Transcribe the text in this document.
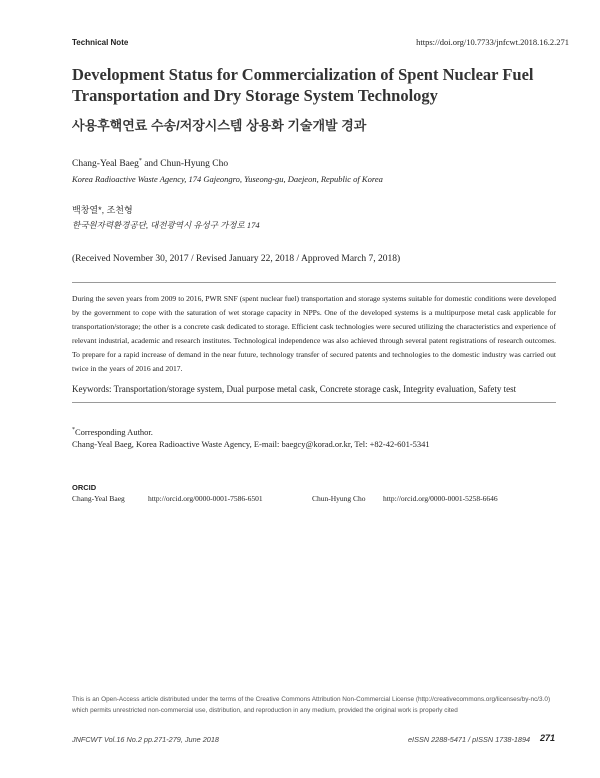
Technical Note	https://doi.org/10.7733/jnfcwt.2018.16.2.271
Development Status for Commercialization of Spent Nuclear Fuel Transportation and Dry Storage System Technology
사용후핵연료 수송/저장시스템 상용화 기술개발 경과
Chang-Yeal Baeg* and Chun-Hyung Cho
Korea Radioactive Waste Agency, 174 Gajeongro, Yuseong-gu, Daejeon, Republic of Korea
백창열*, 조천형
한국원자력환경공단, 대전광역시 유성구 가정로 174
(Received November 30, 2017 / Revised January 22, 2018 / Approved March 7, 2018)
During the seven years from 2009 to 2016, PWR SNF (spent nuclear fuel) transportation and storage systems suitable for domestic conditions were developed by the government to cope with the saturation of wet storage capacity in NPPs. One of the developed systems is a multipurpose metal cask applicable for transportation/storage; the other is a concrete cask dedicated to storage. Efficient cask technologies were secured utilizing the characteristics and experience of relevant industrial, academic and research institutes. Technological independence was also achieved through several patent registrations of research outcomes. To prepare for a rapid increase of demand in the near future, technology transfer of secured patents and technologies to the domestic industry was carried out twice in the years of 2016 and 2017.
Keywords: Transportation/storage system, Dual purpose metal cask, Concrete storage cask, Integrity evaluation, Safety test
*Corresponding Author.
Chang-Yeal Baeg, Korea Radioactive Waste Agency, E-mail: baegcy@korad.or.kr, Tel: +82-42-601-5341
ORCID
Chang-Yeal Baeg	http://orcid.org/0000-0001-7586-6501	Chun-Hyung Cho http://orcid.org/0000-0001-5258-6646
This is an Open-Access article distributed under the terms of the Creative Commons Attribution Non-Commercial License (http://creativecommons.org/licenses/by-nc/3.0) which permits unrestricted non-commercial use, distribution, and reproduction in any medium, provided the original work is properly cited
JNFCWT Vol.16 No.2 pp.271-279, June 2018	eISSN 2288-5471 / pISSN 1738-1894 271
